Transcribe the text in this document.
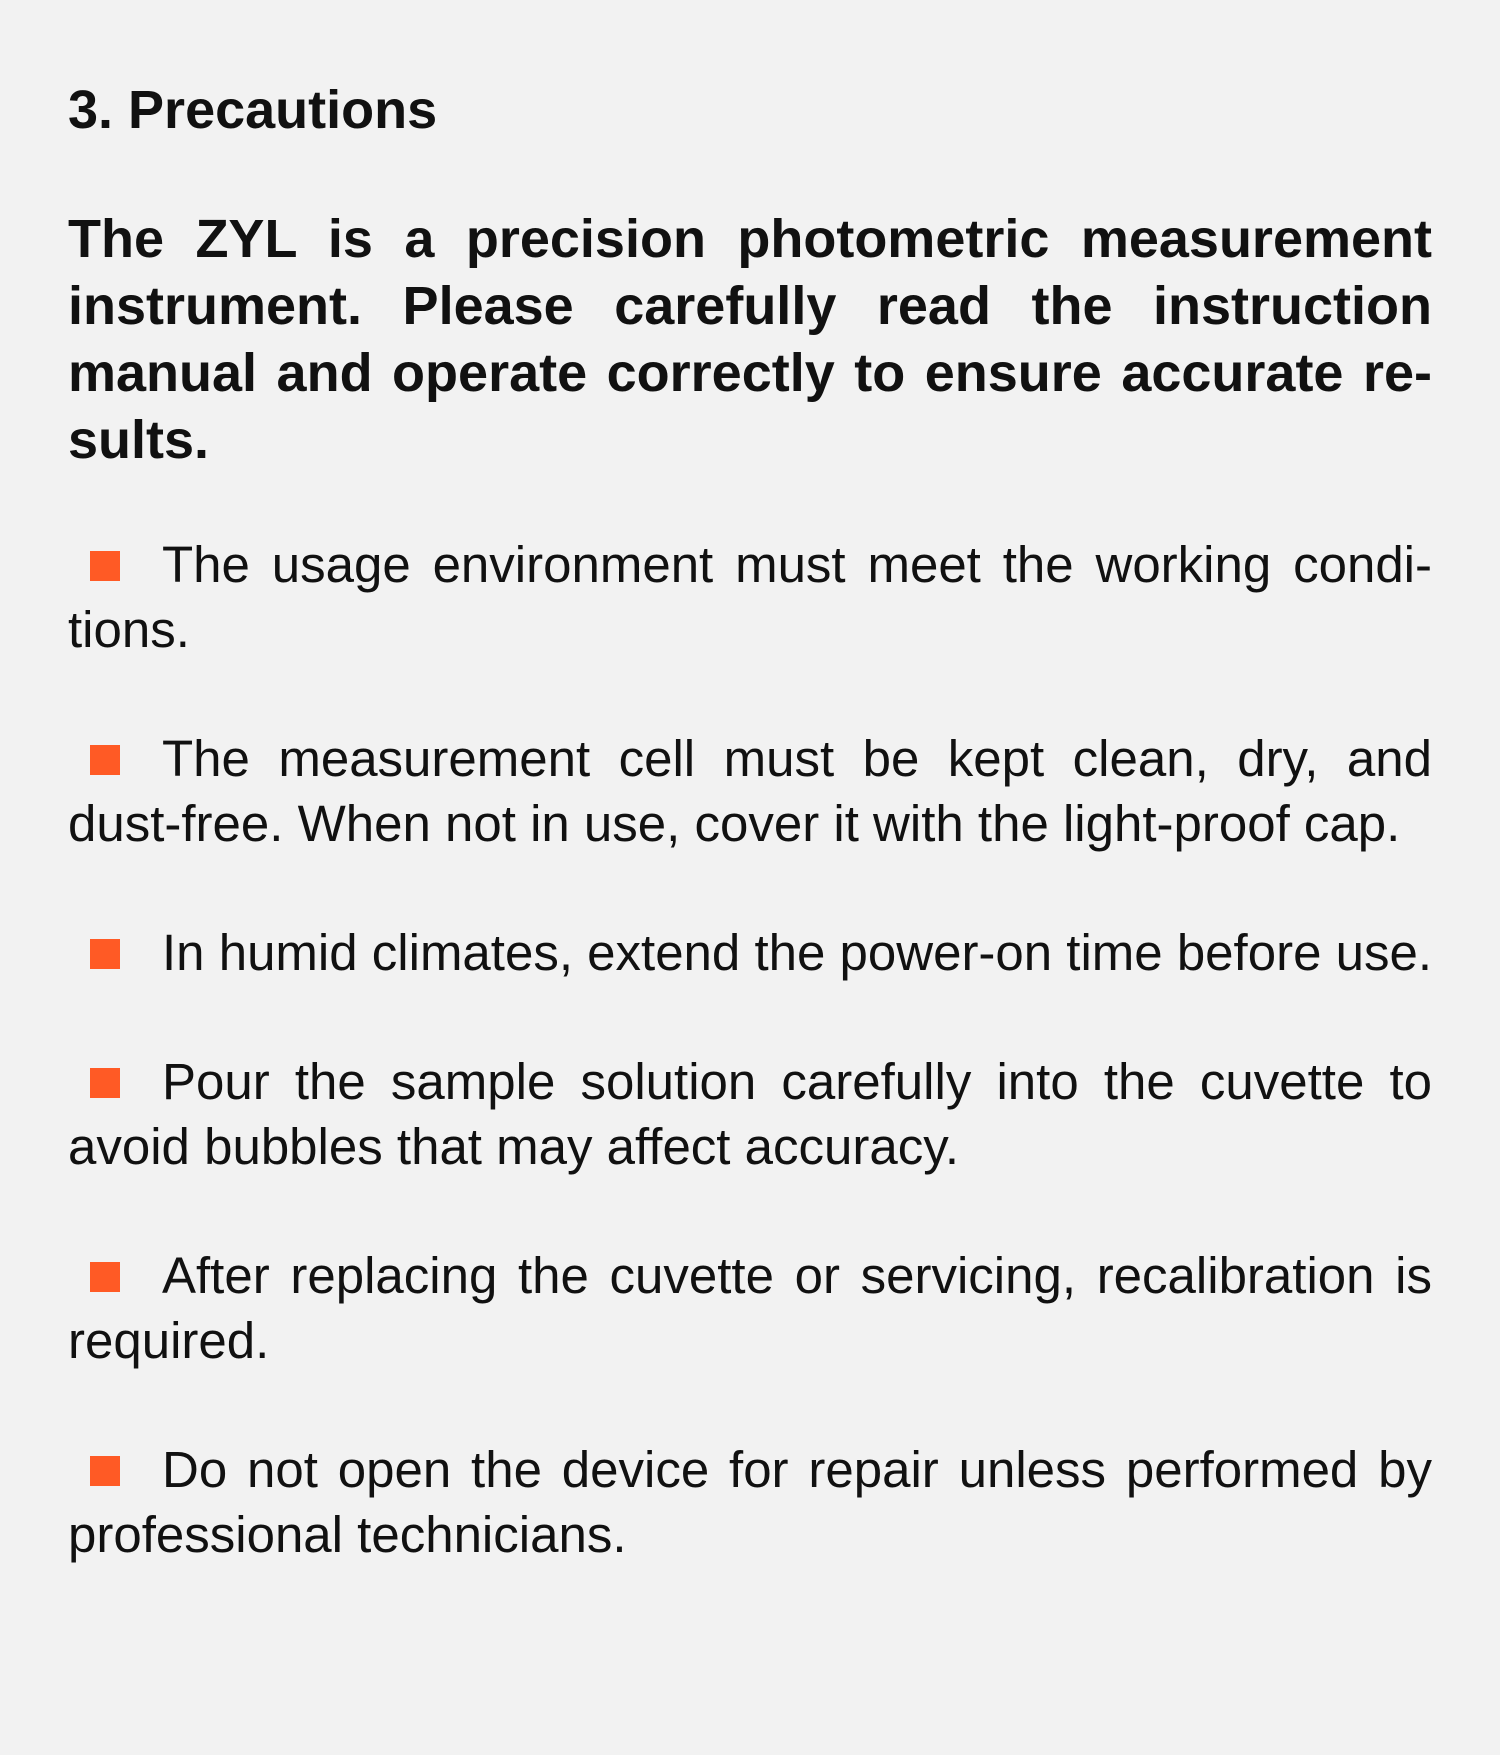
3. Precautions

The ZYL is a precision photometric measurement instrument. Please carefully read the instruction manual and operate correctly to ensure accurate re-sults.

The usage environment must meet the working condi-tions.
The measurement cell must be kept clean, dry, and dust-free. When not in use, cover it with the light-proof cap.
In humid climates, extend the power-on time before use.
Pour the sample solution carefully into the cuvette to avoid bubbles that may affect accuracy.
After replacing the cuvette or servicing, recalibration is required.
Do not open the device for repair unless performed by professional technicians.
